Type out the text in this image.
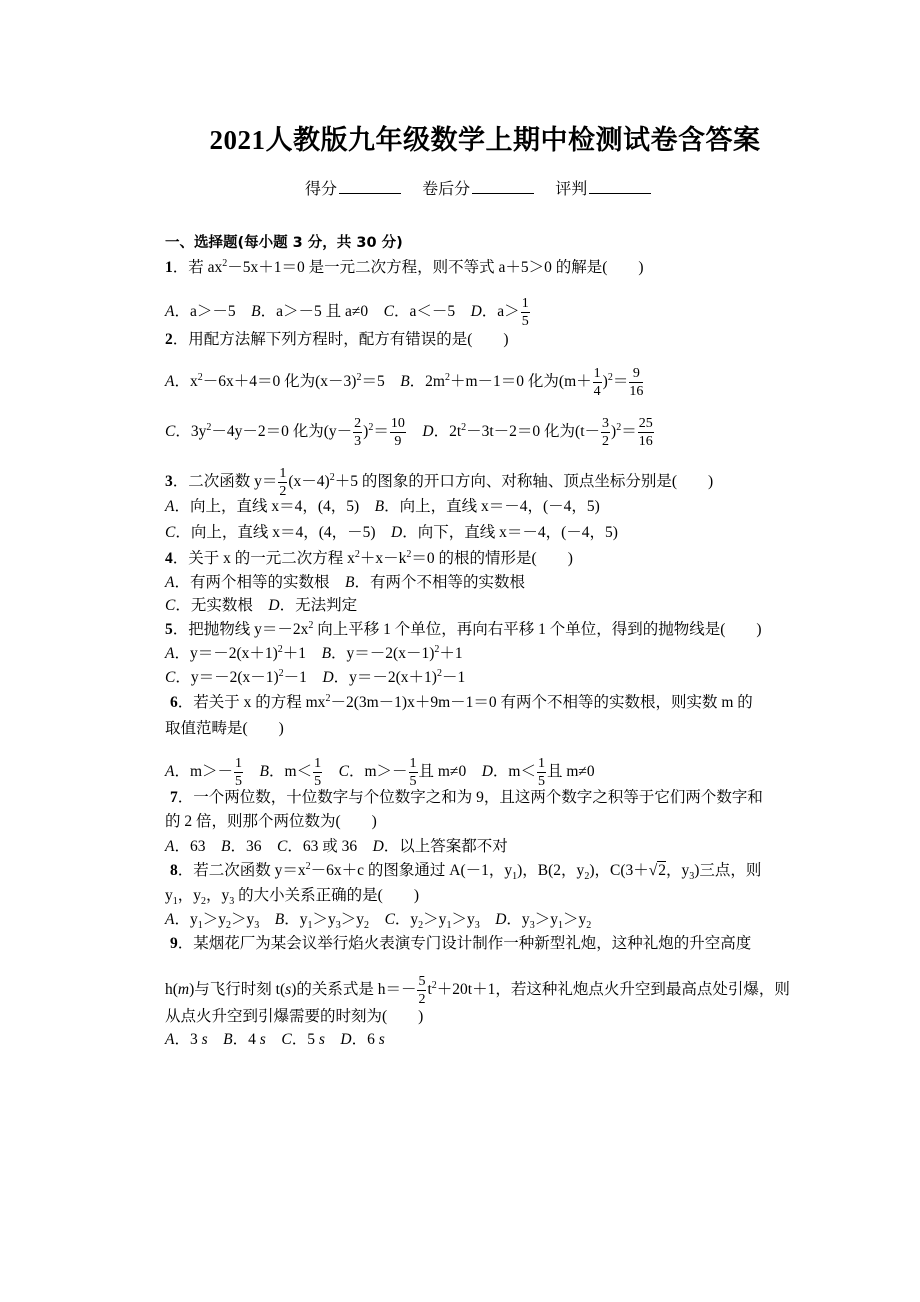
2021人教版九年级数学上期中检测试卷含答案
得分	卷后分	评判
一、选择题(每小题 3 分，共 30 分)
1．若 $ax^2-5x+1=0$ 是一元二次方程，则不等式 a＋5＞0 的解是(　　)
A．a＞－5　B．a＞－5 且 a≠0　C．a＜－5　D．$a> \frac{1}{5}$
2．用配方法解下列方程时，配方有错误的是(　　)
A．$x^2-6x+4=0$ 化为$(x-3)^2=5$　B．$2m^2+m-1=0$ 化为$(m+ \frac{1}{4} )^2= \frac{9}{16}$
C．$3y^2-4y-2=0$ 化为$(y- \frac{2}{3} )^2= \frac{10}{9}$
　 D．$2t^2-3t-2=0$ 化为$(t- \frac{3}{2} )^2= \frac{25}{16}$
3．二次函数 $y= \frac{1}{2} (x-4)^2+5$ 的图象的开口方向、对称轴、顶点坐标分别是(　　)
A．向上，直线 x＝4，(4，5)　B．向上，直线 x＝－4，(－4，5)
C．向上，直线 x＝4，(4，－5)　D．向下，直线 x＝－4，(－4，5)
4．关于 x 的一元二次方程 $x^2+x-k^2=0$ 的根的情形是(　　)
A．有两个相等的实数根　B．有两个不相等的实数根
C．无实数根　D．无法判定
5．把抛物线 $y=-2x^2$ 向上平移 1 个单位，再向右平移 1 个单位，得到的抛物线是(　　)
A．$y=-2(x+1)^2+1$　B．$y=-2(x-1)^2+1$
C．$y=-2(x-1)^2-1$　D．$y=-2(x+1)^2-1$
6．若关于 x 的方程 $mx^2-2(3m-1)x+9m-1=0$ 有两个不相等的实数根，则实数 m 的
取值范畴是(　　)
A．$m>- \frac{1}{5}$
　 B．$m< \frac{1}{5}$
　 C．$m>- \frac{1}{5}$ 且 m≠0　D．$m< \frac{1}{5}$ 且 m≠0
7．一个两位数，十位数字与个位数字之和为 9，且这两个数字之积等于它们两个数字和
的 2 倍，则那个两位数为(　　)
A．63　B．36　C．63 或 36　D．以上答案都不对
8．若二次函数 $y=x^2-6x+c$ 的图象通过 A(－1，$y_1$)，B(2，$y_2$)，C(3＋√2，$y_3$)三点，则
$y_1$，$y_2$，$y_3$ 的大小关系正确的是(　　)
A．$y_1>y_2>y_3$　 B．$y_1>y_3>y_2$　 C．$y_2>y_1>y_3$　 D．$y_3>y_1>y_2$
9．某烟花厂为某会议举行焰火表演专门设计制作一种新型礼炮，这种礼炮的升空高度
h(m)与飞行时刻 t(s)的关系式是 $h=- \frac{5}{2} t^2+20t+1$，若这种礼炮点火升空到最高点处引爆，则
从点火升空到引爆需要的时刻为(　　)
A．3 s　 B．4 s　 C．5 s　 D．6 s
